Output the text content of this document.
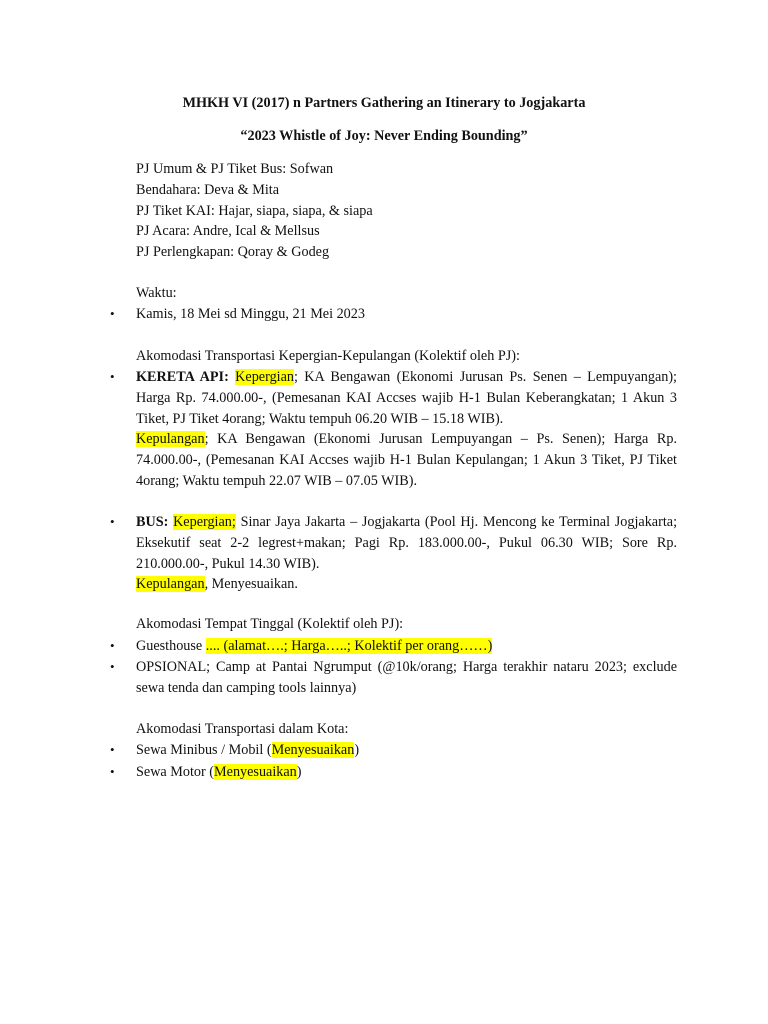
MHKH VI (2017) n Partners Gathering an Itinerary to Jogjakarta
“2023 Whistle of Joy: Never Ending Bounding”
PJ Umum & PJ Tiket Bus: Sofwan
Bendahara: Deva & Mita
PJ Tiket KAI: Hajar, siapa, siapa, & siapa
PJ Acara: Andre, Ical & Mellsus
PJ Perlengkapan: Qoray & Godeg
Waktu:
• Kamis, 18 Mei sd Minggu, 21 Mei 2023
Akomodasi Transportasi Kepergian-Kepulangan (Kolektif oleh PJ):
• KERETA API: Kepergian; KA Bengawan (Ekonomi Jurusan Ps. Senen – Lempuyangan); Harga Rp. 74.000.00-, (Pemesanan KAI Accses wajib H-1 Bulan Keberangkatan; 1 Akun 3 Tiket, PJ Tiket 4orang; Waktu tempuh 06.20 WIB – 15.18 WIB).
Kepulangan; KA Bengawan (Ekonomi Jurusan Lempuyangan – Ps. Senen); Harga Rp. 74.000.00-, (Pemesanan KAI Accses wajib H-1 Bulan Kepulangan; 1 Akun 3 Tiket, PJ Tiket 4orang; Waktu tempuh 22.07 WIB – 07.05 WIB).
• BUS: Kepergian; Sinar Jaya Jakarta – Jogjakarta (Pool Hj. Mencong ke Terminal Jogjakarta; Eksekutif seat 2-2 legrest+makan; Pagi Rp. 183.000.00-, Pukul 06.30 WIB; Sore Rp. 210.000.00-, Pukul 14.30 WIB).
Kepulangan, Menyesuaikan.
Akomodasi Tempat Tinggal (Kolektif oleh PJ):
• Guesthouse .... (alamat….; Harga…..; Kolektif per orang……)
• OPSIONAL; Camp at Pantai Ngrumput (@10k/orang; Harga terakhir nataru 2023; exclude sewa tenda dan camping tools lainnya)
Akomodasi Transportasi dalam Kota:
• Sewa Minibus / Mobil (Menyesuaikan)
• Sewa Motor (Menyesuaikan)
